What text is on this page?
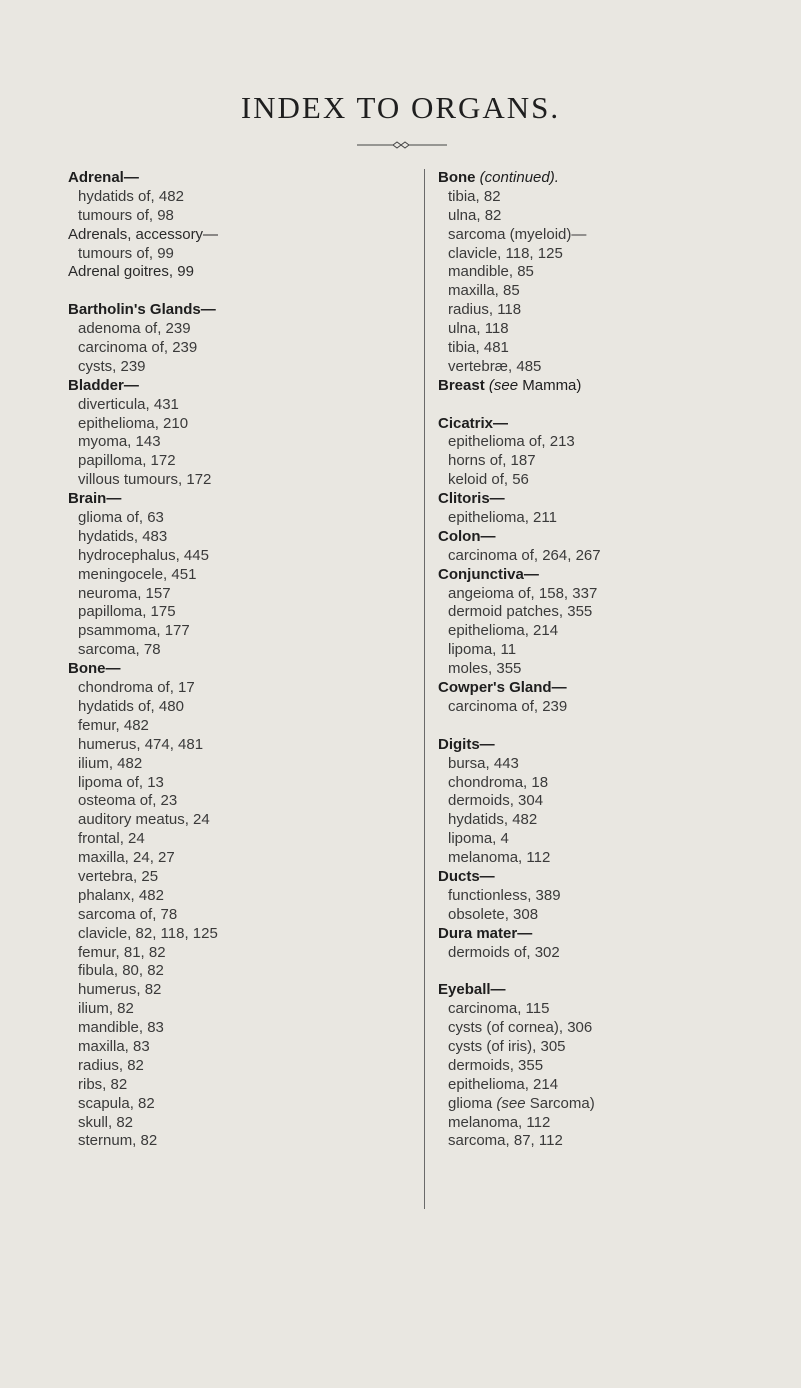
INDEX TO ORGANS.
Adrenal—
hydatids of, 482
tumours of, 98
Adrenals, accessory—
tumours of, 99
Adrenal goitres, 99
Bartholin's Glands—
adenoma of, 239
carcinoma of, 239
cysts, 239
Bladder—
diverticula, 431
epithelioma, 210
myoma, 143
papilloma, 172
villous tumours, 172
Brain—
glioma of, 63
hydatids, 483
hydrocephalus, 445
meningocele, 451
neuroma, 157
papilloma, 175
psammoma, 177
sarcoma, 78
Bone—
chondroma of, 17
hydatids of, 480
femur, 482
humerus, 474, 481
ilium, 482
lipoma of, 13
osteoma of, 23
auditory meatus, 24
frontal, 24
maxilla, 24, 27
vertebra, 25
phalanx, 482
sarcoma of, 78
clavicle, 82, 118, 125
femur, 81, 82
fibula, 80, 82
humerus, 82
ilium, 82
mandible, 83
maxilla, 83
radius, 82
ribs, 82
scapula, 82
skull, 82
sternum, 82
Bone (continued).
tibia, 82
ulna, 82
sarcoma (myeloid)—
clavicle, 118, 125
mandible, 85
maxilla, 85
radius, 118
ulna, 118
tibia, 481
vertebræ, 485
Breast (see Mamma)
Cicatrix—
epithelioma of, 213
horns of, 187
keloid of, 56
Clitoris—
epithelioma, 211
Colon—
carcinoma of, 264, 267
Conjunctiva—
angeioma of, 158, 337
dermoid patches, 355
epithelioma, 214
lipoma, 11
moles, 355
Cowper's Gland—
carcinoma of, 239
Digits—
bursa, 443
chondroma, 18
dermoids, 304
hydatids, 482
lipoma, 4
melanoma, 112
Ducts—
functionless, 389
obsolete, 308
Dura mater—
dermoids of, 302
Eyeball—
carcinoma, 115
cysts (of cornea), 306
cysts (of iris), 305
dermoids, 355
epithelioma, 214
glioma (see Sarcoma)
melanoma, 112
sarcoma, 87, 112
